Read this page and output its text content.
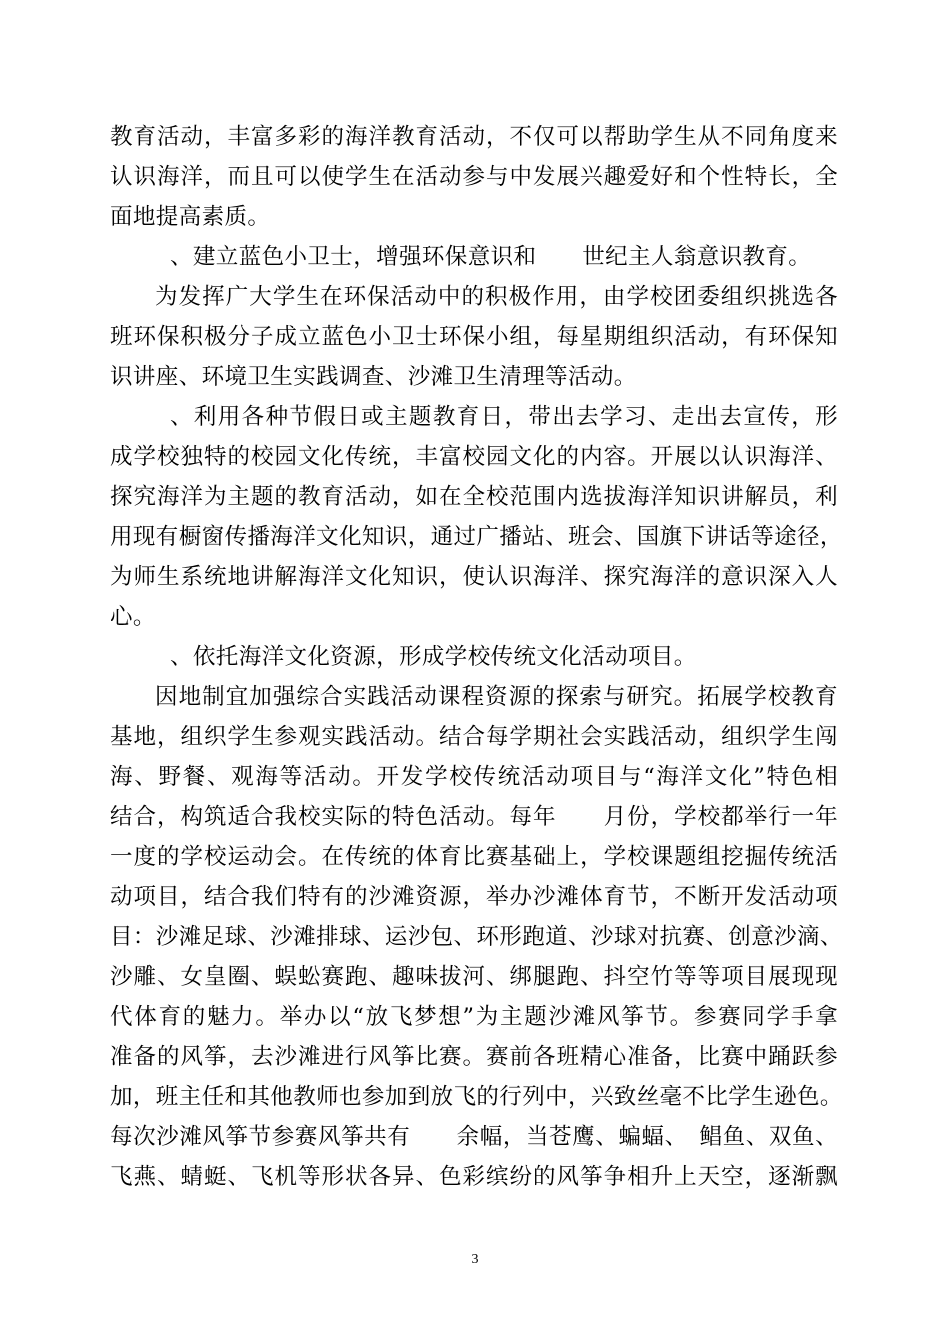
教育活动，丰富多彩的海洋教育活动，不仅可以帮助学生从不同角度来
认识海洋，而且可以使学生在活动参与中发展兴趣爱好和个性特长，全
面地提高素质。
、建立蓝色小卫士，增强环保意识和　　世纪主人翁意识教育。
为发挥广大学生在环保活动中的积极作用，由学校团委组织挑选各
班环保积极分子成立蓝色小卫士环保小组，每星期组织活动，有环保知
识讲座、环境卫生实践调查、沙滩卫生清理等活动。
、利用各种节假日或主题教育日，带出去学习、走出去宣传，形
成学校独特的校园文化传统，丰富校园文化的内容。开展以认识海洋、
探究海洋为主题的教育活动，如在全校范围内选拔海洋知识讲解员，利
用现有橱窗传播海洋文化知识，通过广播站、班会、国旗下讲话等途径，
为师生系统地讲解海洋文化知识，使认识海洋、探究海洋的意识深入人
心。
、依托海洋文化资源，形成学校传统文化活动项目。
因地制宜加强综合实践活动课程资源的探索与研究。拓展学校教育
基地，组织学生参观实践活动。结合每学期社会实践活动，组织学生闯
海、野餐、观海等活动。开发学校传统活动项目与“海洋文化”特色相
结合，构筑适合我校实际的特色活动。每年　　月份，学校都举行一年
一度的学校运动会。在传统的体育比赛基础上，学校课题组挖掘传统活
动项目，结合我们特有的沙滩资源，举办沙滩体育节，不断开发活动项
目：沙滩足球、沙滩排球、运沙包、环形跑道、沙球对抗赛、创意沙滴、
沙雕、女皇圈、蜈蚣赛跑、趣味拔河、绑腿跑、抖空竹等等项目展现现
代体育的魅力。举办以“放飞梦想”为主题沙滩风筝节。参赛同学手拿
准备的风筝，去沙滩进行风筝比赛。赛前各班精心准备，比赛中踊跃参
加，班主任和其他教师也参加到放飞的行列中，兴致丝毫不比学生逊色。
每次沙滩风筝节参赛风筝共有　　余幅，当苍鹰、蝙蝠、　鲳鱼、双鱼、
飞燕、蜻蜓、飞机等形状各异、色彩缤纷的风筝争相升上天空，逐渐飘
3
